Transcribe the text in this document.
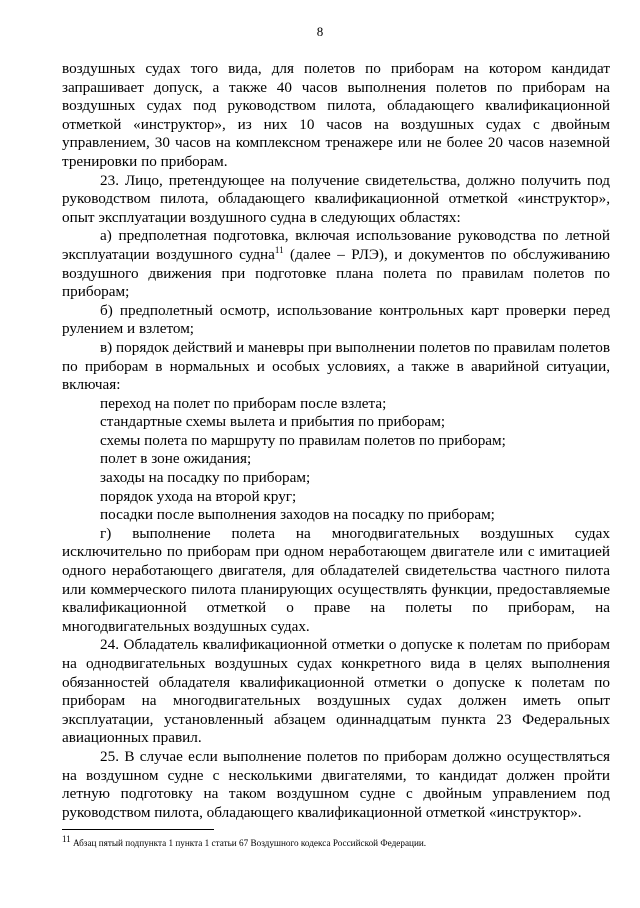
8

воздушных судах того вида, для полетов по приборам на котором кандидат запрашивает допуск, а также 40 часов выполнения полетов по приборам на воздушных судах под руководством пилота, обладающего квалификационной отметкой «инструктор», из них 10 часов на воздушных судах с двойным управлением, 30 часов на комплексном тренажере или не более 20 часов наземной тренировки по приборам.

23. Лицо, претендующее на получение свидетельства, должно получить под руководством пилота, обладающего квалификационной отметкой «инструктор», опыт эксплуатации воздушного судна в следующих областях:

а) предполетная подготовка, включая использование руководства по летной эксплуатации воздушного судна$^{11}$ (далее – РЛЭ), и документов по обслуживанию воздушного движения при подготовке плана полета по правилам полетов по приборам;

б) предполетный осмотр, использование контрольных карт проверки перед рулением и взлетом;

в) порядок действий и маневры при выполнении полетов по правилам полетов по приборам в нормальных и особых условиях, а также в аварийной ситуации, включая:

переход на полет по приборам после взлета;

стандартные схемы вылета и прибытия по приборам;

схемы полета по маршруту по правилам полетов по приборам;

полет в зоне ожидания;

заходы на посадку по приборам;

порядок ухода на второй круг;

посадки после выполнения заходов на посадку по приборам;

г) выполнение полета на многодвигательных воздушных судах исключительно по приборам при одном неработающем двигателе или с имитацией одного неработающего двигателя, для обладателей свидетельства частного пилота или коммерческого пилота планирующих осуществлять функции, предоставляемые квалификационной отметкой о праве на полеты по приборам, на многодвигательных воздушных судах.

24. Обладатель квалификационной отметки о допуске к полетам по приборам на однодвигательных воздушных судах конкретного вида в целях выполнения обязанностей обладателя квалификационной отметки о допуске к полетам по приборам на многодвигательных воздушных судах должен иметь опыт эксплуатации, установленный абзацем одиннадцатым пункта 23 Федеральных авиационных правил.

25. В случае если выполнение полетов по приборам должно осуществляться на воздушном судне с несколькими двигателями, то кандидат должен пройти летную подготовку на таком воздушном судне с двойным управлением под руководством пилота, обладающего квалификационной отметкой «инструктор».

$^{11}$ Абзац пятый подпункта 1 пункта 1 статьи 67 Воздушного кодекса Российской Федерации.
